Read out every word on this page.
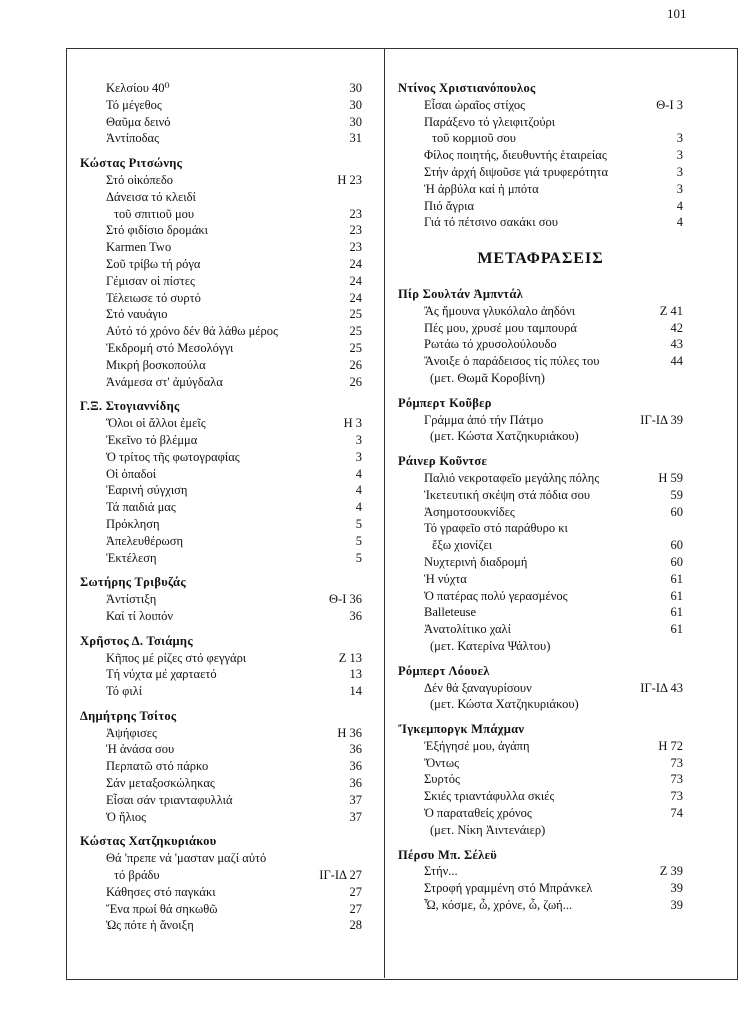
101
Κελσίου 40⁰	30
Τό μέγεθος	30
Θαῦμα δεινό	30
Ἀντίποδας	31
Κώστας Ριτσώνης
Στό οἰκόπεδο	Η 23
Δάνεισα τό κλειδί
τοῦ σπιτιοῦ μου	23
Στό φιδίσιο δρομάκι	23
Karmen Two	23
Σοῦ τρίβω τή ρόγα	24
Γέμισαν οἱ πίστες	24
Τέλειωσε τό συρτό	24
Στό ναυάγιο	25
Αὐτό τό χρόνο δέν θά λάθω μέρος	25
Ἐκδρομή στό Μεσολόγγι	25
Μικρή βοσκοπούλα	26
Ἀνάμεσα στ' ἀμύγδαλα	26
Γ.Ξ. Στογιαννίδης
Ὅλοι οἱ ἄλλοι ἐμεῖς	Η 3
Ἐκεῖνο τό βλέμμα	3
Ὁ τρίτος τῆς φωτογραφίας	3
Οἱ ὀπαδοί	4
Ἐαρινή σύγχιση	4
Τά παιδιά μας	4
Πρόκληση	5
Ἀπελευθέρωση	5
Ἐκτέλεση	5
Σωτήρης Τριβυζάς
Ἀντίστιξη	Θ-Ι 36
Καί τί λοιπόν	36
Χρῆστος Δ. Τσιάμης
Κῆπος μέ ρίζες στό φεγγάρι	Ζ 13
Τή νύχτα μέ χαρταετό	13
Τό φιλί	14
Δημήτρης Τσίτος
Ἀψήφισες	Η 36
Ἡ ἀνάσα σου	36
Περπατῶ στό πάρκο	36
Σάν μεταξοσκώληκας	36
Εἶσαι σάν τριανταφυλλιά	37
Ὁ ἥλιος	37
Κώστας Χατζηκυριάκου
Θά 'πρεπε νά 'μασταν μαζί αὐτό
τό βράδυ	ΙΓ-ΙΔ 27
Κάθησες στό παγκάκι	27
Ἕνα πρωί θά σηκωθῶ	27
Ὡς πότε ἡ ἄνοιξη	28
Ντίνος Χριστιανόπουλος
Εἶσαι ὡραῖος στίχος	Θ-Ι 3
Παράξενο τό γλειφιτζούρι
τοῦ κορμιοῦ σου	3
Φίλος ποιητής, διευθυντής ἑταιρείας	3
Στήν ἀρχή διψοῦσε γιά τρυφερότητα	3
Ἡ ἀρβύλα καί ἡ μπότα	3
Πιό ἄγρια	4
Γιά τό πέτσινο σακάκι σου	4
ΜΕΤΑΦΡΑΣΕΙΣ
Πίρ Σουλτάν Ἀμπντάλ
Ἄς ἤμουνα γλυκόλαλο ἀηδόνι	Ζ 41
Πές μου, χρυσέ μου ταμπουρά	42
Ρωτάω τό χρυσολούλουδο	43
Ἄνοιξε ὁ παράδεισος τίς πύλες του	44
(μετ. Θωμᾶ Κοροβίνη)
Ρόμπερτ Κοῦβερ
Γράμμα ἀπό τήν Πάτμο	ΙΓ-ΙΔ 39
(μετ. Κώστα Χατζηκυριάκου)
Ράινερ Κοῦντσε
Παλιό νεκροταφεῖο μεγάλης πόλης	Η 59
Ἱκετευτική σκέψη στά πόδια σου	59
Ἀσημοτσουκνίδες	60
Τό γραφεῖο στό παράθυρο κι
ἔξω χιονίζει	60
Νυχτερινή διαδρομή	60
Ἡ νύχτα	61
Ὁ πατέρας πολύ γερασμένος	61
Balleteuse	61
Ἀνατολίτικο χαλί	61
(μετ. Κατερίνα Ψάλτου)
Ρόμπερτ Λόουελ
Δέν θά ξαναγυρίσουν	ΙΓ-ΙΔ 43
(μετ. Κώστα Χατζηκυριάκου)
Ἴγκεμποργκ Μπάχμαν
Ἐξήγησέ μου, ἀγάπη	Η 72
Ὄντως	73
Συρτός	73
Σκιές τριαντάφυλλα σκιές	73
Ὁ παραταθείς χρόνος	74
(μετ. Νίκη Ἀιντενάιερ)
Πέρσυ Μπ. Σέλεϋ
Στήν...	Ζ 39
Στροφή γραμμένη στό Μπράνκελ	39
Ὦ, κόσμε, ὦ, χρόνε, ὦ, ζωή...	39
